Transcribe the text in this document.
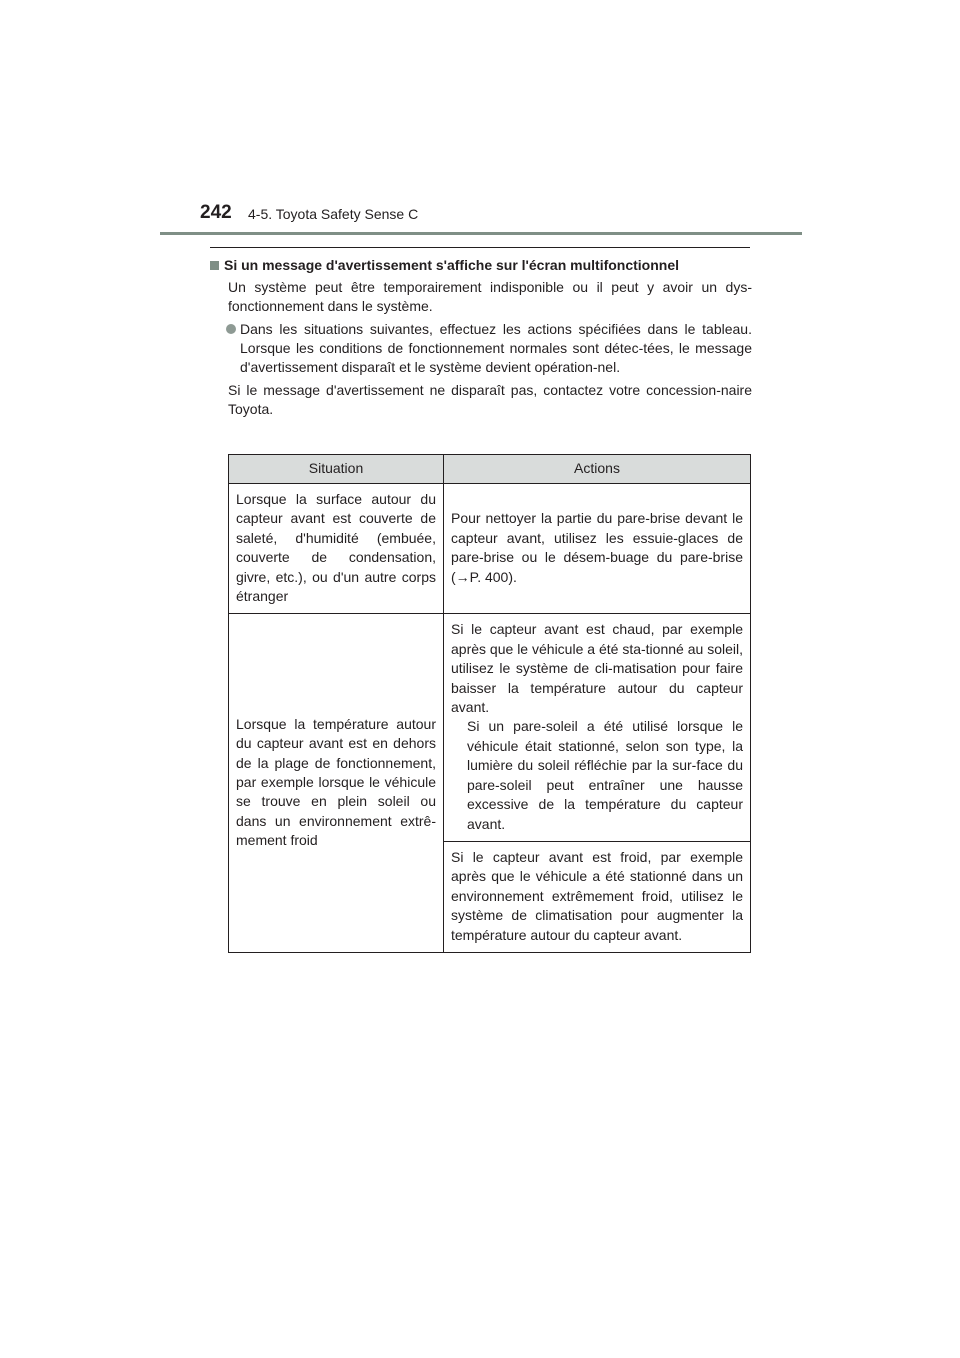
242 4-5. Toyota Safety Sense C

Si un message d'avertissement s'affiche sur l'écran multifonctionnel

Un système peut être temporairement indisponible ou il peut y avoir un dys-fonctionnement dans le système.

Dans les situations suivantes, effectuez les actions spécifiées dans le tableau. Lorsque les conditions de fonctionnement normales sont détec-tées, le message d'avertissement disparaît et le système devient opération-nel.

Si le message d'avertissement ne disparaît pas, contactez votre concession-naire Toyota.

Situation	Actions
Lorsque la surface autour du capteur avant est couverte de saleté, d'humidité (embuée, couverte de condensation, givre, etc.), ou d'un autre corps étranger	Pour nettoyer la partie du pare-brise devant le capteur avant, utilisez les essuie-glaces de pare-brise ou le désem-buage du pare-brise (→P. 400).
Lorsque la température autour du capteur avant est en dehors de la plage de fonctionnement, par exemple lorsque le véhicule se trouve en plein soleil ou dans un environnement extrê-mement froid	Si le capteur avant est chaud, par exemple après que le véhicule a été sta-tionné au soleil, utilisez le système de cli-matisation pour faire baisser la température autour du capteur avant.
Si un pare-soleil a été utilisé lorsque le véhicule était stationné, selon son type, la lumière du soleil réfléchie par la sur-face du pare-soleil peut entraîner une hausse excessive de la température du capteur avant.

	Si le capteur avant est froid, par exemple après que le véhicule a été stationné dans un environnement extrêmement froid, utilisez le système de climatisation pour augmenter la température autour du capteur avant.
